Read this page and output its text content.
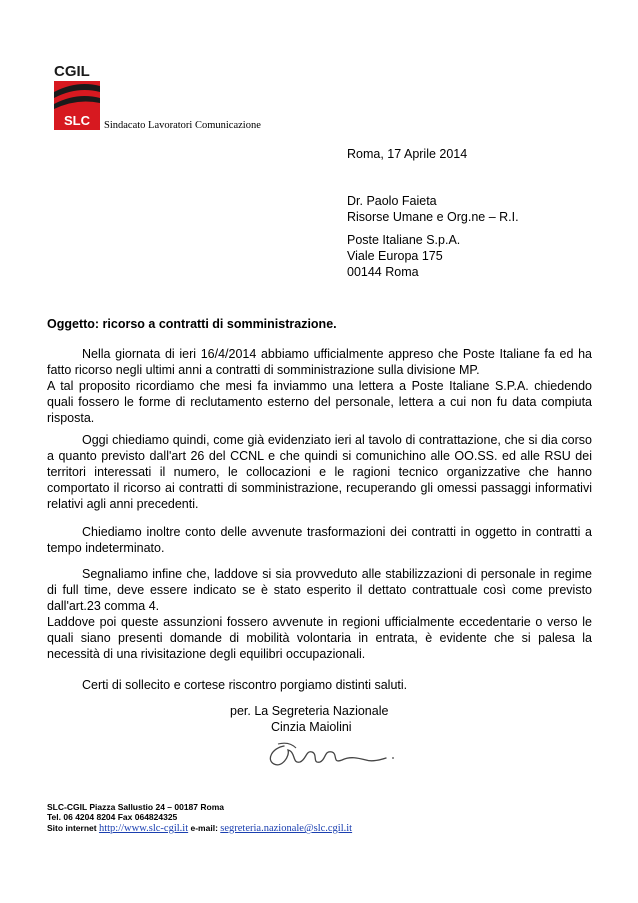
CGIL
SLC Sindacato Lavoratori Comunicazione
Roma, 17 Aprile 2014
Dr. Paolo Faieta
Risorse Umane e Org.ne – R.I.
Poste Italiane S.p.A.
Viale Europa 175
00144 Roma
Oggetto: ricorso a contratti di somministrazione.

Nella giornata di ieri 16/4/2014 abbiamo ufficialmente appreso che Poste Italiane fa ed ha fatto ricorso negli ultimi anni a contratti di somministrazione sulla divisione MP.

A tal proposito ricordiamo che mesi fa inviammo una lettera a Poste Italiane S.P.A. chiedendo quali fossero le forme di reclutamento esterno del personale, lettera a cui non fu data compiuta risposta.

Oggi chiediamo quindi, come già evidenziato ieri al tavolo di contrattazione, che si dia corso a quanto previsto dall'art 26 del CCNL e che quindi si comunichino alle OO.SS. ed alle RSU dei territori interessati il numero, le collocazioni e le ragioni tecnico organizzative che hanno comportato il ricorso ai contratti di somministrazione, recuperando gli omessi passaggi informativi relativi agli anni precedenti.

Chiediamo inoltre conto delle avvenute trasformazioni dei contratti in oggetto in contratti a tempo indeterminato.

Segnaliamo infine che, laddove si sia provveduto alle stabilizzazioni di personale in regime di full time, deve essere indicato se è stato esperito il dettato contrattuale così come previsto dall'art.23 comma 4.

Laddove poi queste assunzioni fossero avvenute in regioni ufficialmente eccedentarie o verso le quali siano presenti domande di mobilità volontaria in entrata, è evidente che si palesa la necessità di una rivisitazione degli equilibri occupazionali.

Certi di sollecito e cortese riscontro porgiamo distinti saluti.
per. La Segreteria Nazionale
Cinzia Maiolini
SLC-CGIL Piazza Sallustio 24 – 00187 Roma
Tel. 06 4204 8204 Fax 064824325
Sito internet http://www.slc-cgil.it e-mail: segreteria.nazionale@slc.cgil.it
